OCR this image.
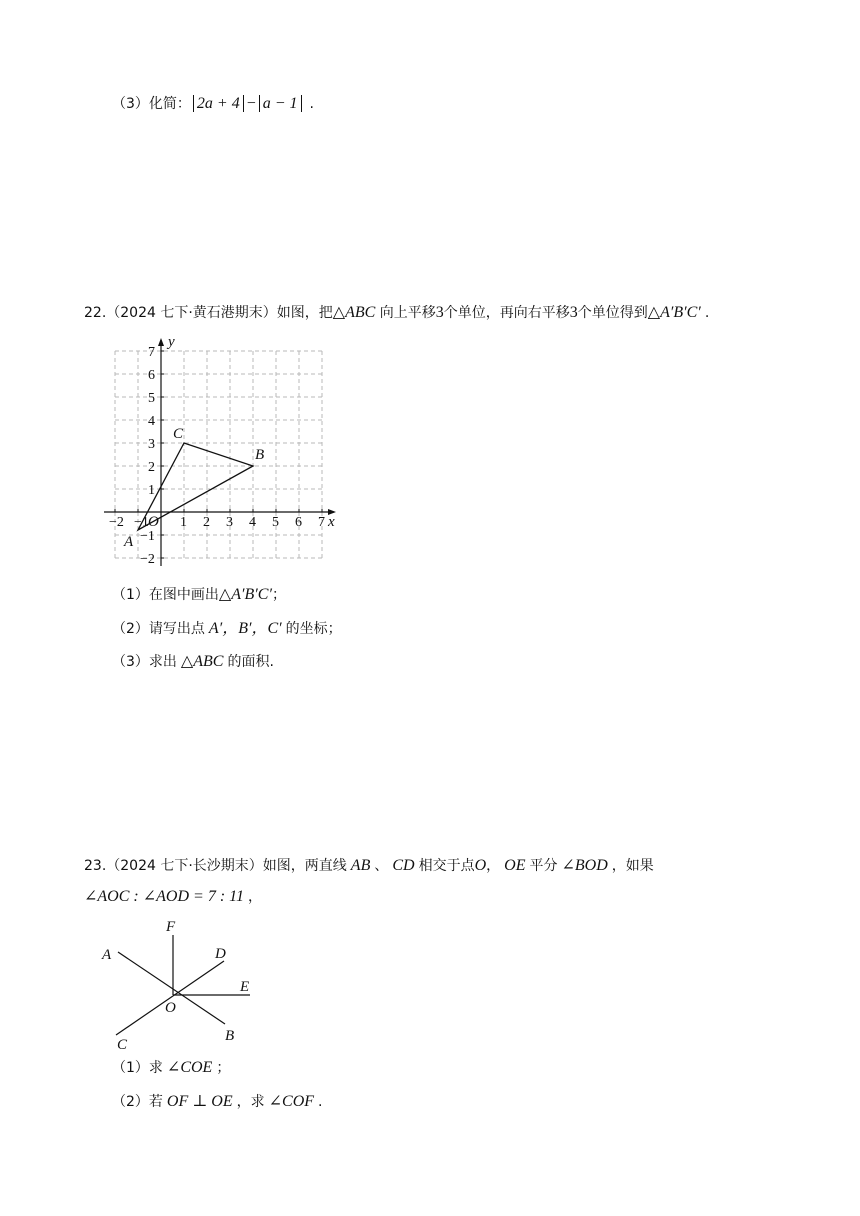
（3）化简： 2a + 4 − a − 1 .
22.（2024 七下·黄石港期末）如图，把△ABC 向上平移3个单位，再向右平移3个单位得到△A′B′C′ .
−2 −1 1 2 3 4 5 6 7
7
6
5
4
3
2
1
−1
−2
x
y
O
A
B
C
（1）在图中画出△A′B′C′；
（2）请写出点 A′，B′，C′ 的坐标；
（3）求出 △ABC 的面积.
23.（2024 七下·长沙期末）如图，两直线 AB 、 CD 相交于点O， OE 平分 ∠BOD ，如果
∠AOC : ∠AOD = 7 : 11 ，
A
B
C
D
E
F
O
（1）求 ∠COE ；
（2）若 OF ⊥ OE ，求 ∠COF .
